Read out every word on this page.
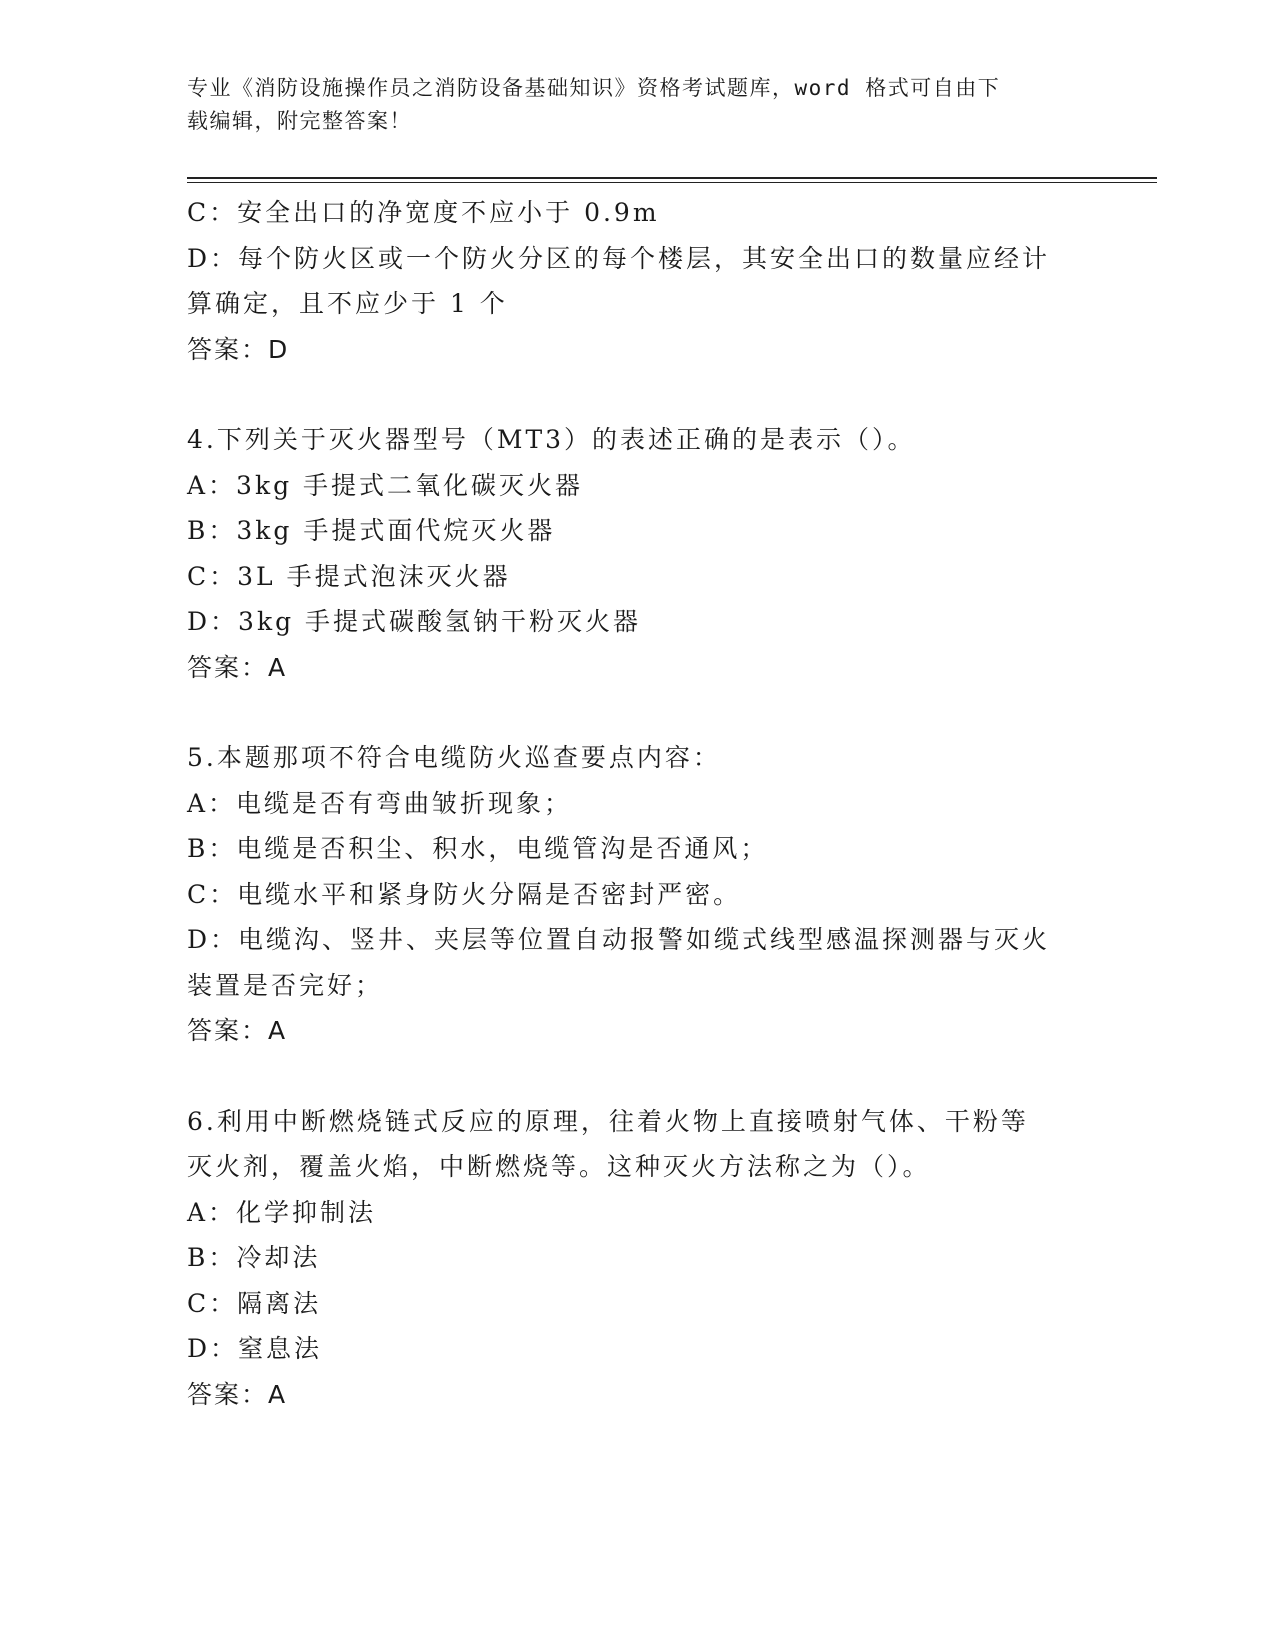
专业《消防设施操作员之消防设备基础知识》资格考试题库，word 格式可自由下
载编辑，附完整答案！
C：安全出口的净宽度不应小于 0.9m
D：每个防火区或一个防火分区的每个楼层，其安全出口的数量应经计
算确定，且不应少于 1 个
答案：D
4.下列关于灭火器型号（MT3）的表述正确的是表示（）。
A：3kg 手提式二氧化碳灭火器
B：3kg 手提式面代烷灭火器
C：3L 手提式泡沫灭火器
D：3kg 手提式碳酸氢钠干粉灭火器
答案：A
5.本题那项不符合电缆防火巡查要点内容：
A：电缆是否有弯曲皱折现象；
B：电缆是否积尘、积水，电缆管沟是否通风；
C：电缆水平和紧身防火分隔是否密封严密。
D：电缆沟、竖井、夹层等位置自动报警如缆式线型感温探测器与灭火
装置是否完好；
答案：A
6.利用中断燃烧链式反应的原理，往着火物上直接喷射气体、干粉等
灭火剂，覆盖火焰，中断燃烧等。这种灭火方法称之为（）。
A：化学抑制法
B：冷却法
C：隔离法
D：窒息法
答案：A
